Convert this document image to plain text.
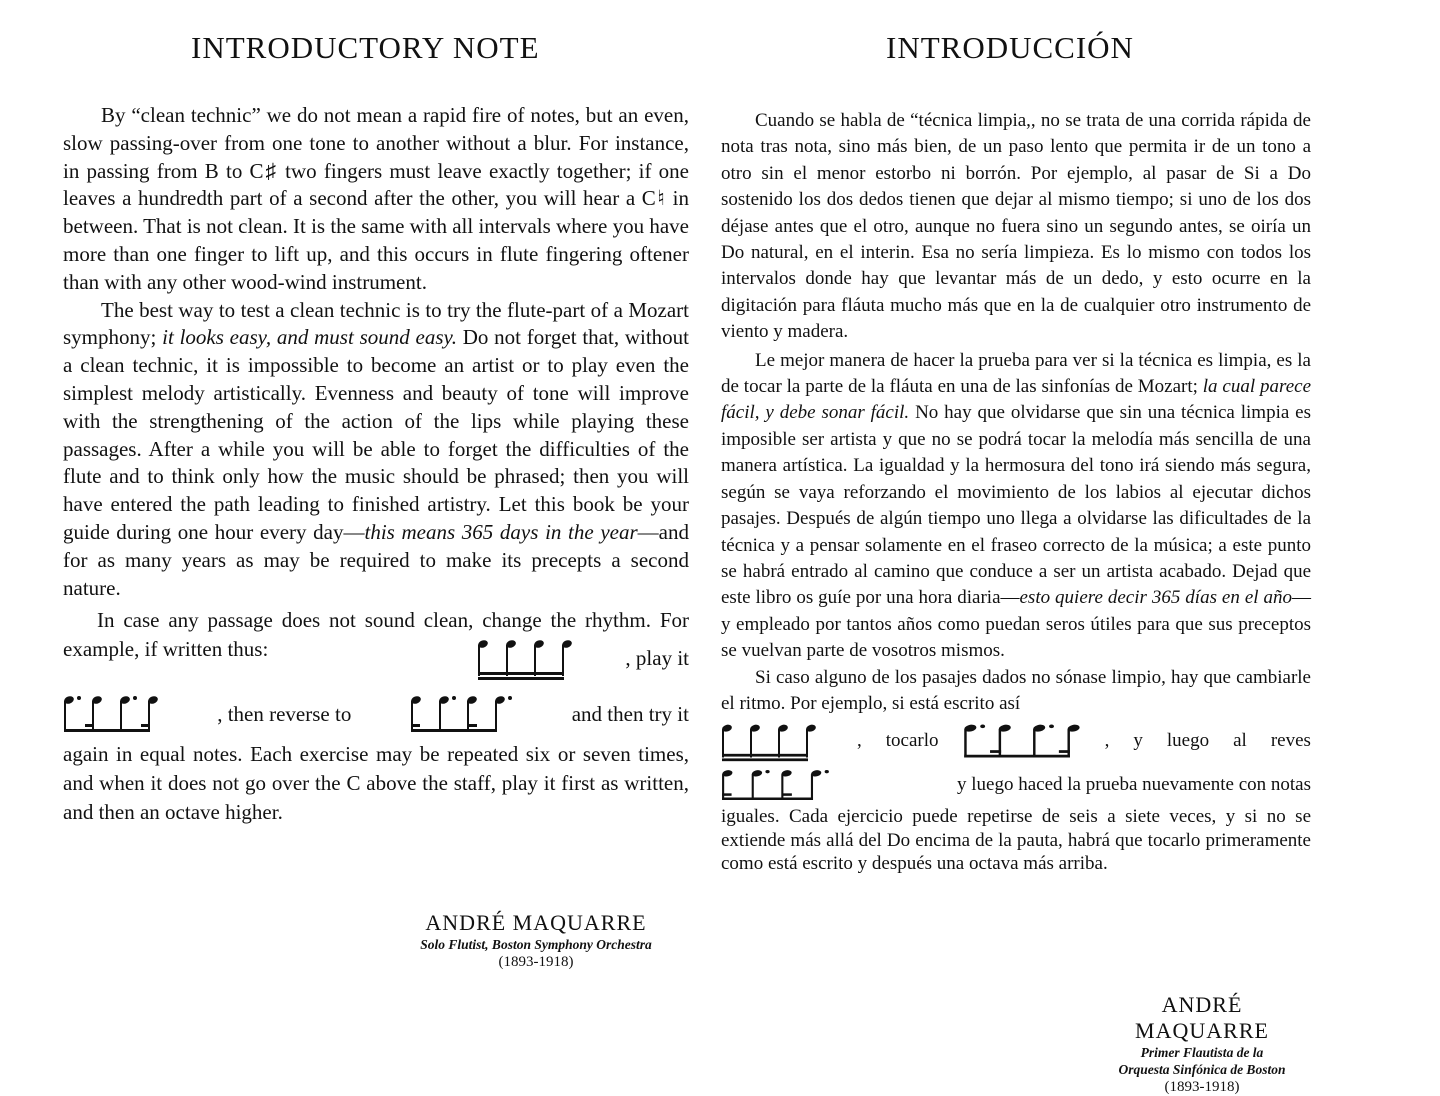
INTRODUCTORY NOTE

By “clean technic” we do not mean a rapid fire of notes, but an even, slow passing-over from one tone to another without a blur. For instance, in passing from B to C♯ two fingers must leave exactly together; if one leaves a hundredth part of a second after the other, you will hear a C♮ in between. That is not clean. It is the same with all intervals where you have more than one finger to lift up, and this occurs in flute fingering oftener than with any other wood-wind instrument.

The best way to test a clean technic is to try the flute-part of a Mozart symphony; it looks easy, and must sound easy. Do not forget that, without a clean technic, it is impossible to become an artist or to play even the simplest melody artistically. Evenness and beauty of tone will improve with the strengthening of the action of the lips while playing these passages. After a while you will be able to forget the difficulties of the flute and to think only how the music should be phrased; then you will have entered the path leading to finished artistry. Let this book be your guide during one hour every day—this means 365 days in the year—and for as many years as may be required to make its precepts a second nature.

In case any passage does not sound clean, change the rhythm. For example, if written thus:	, play it
, then reverse to	and then try it

again in equal notes. Each exercise may be repeated six or seven times, and when it does not go over the C above the staff, play it first as written, and then an octave higher.

ANDRÉ MAQUARRE
Solo Flutist, Boston Symphony Orchestra
(1893-1918)
INTRODUCCIÓN

Cuando se habla de “técnica limpia,, no se trata de una corrida rápida de nota tras nota, sino más bien, de un paso lento que permita ir de un tono a otro sin el menor estorbo ni borrón. Por ejemplo, al pasar de Si a Do sostenido los dos dedos tienen que dejar al mismo tiempo; si uno de los dos déjase antes que el otro, aunque no fuera sino un segundo antes, se oiría un Do natural, en el interin. Esa no sería limpieza. Es lo mismo con todos los intervalos donde hay que levantar más de un dedo, y esto ocurre en la digitación para fláuta mucho más que en la de cualquier otro instrumento de viento y madera.

Le mejor manera de hacer la prueba para ver si la técnica es limpia, es la de tocar la parte de la fláuta en una de las sinfonías de Mozart; la cual parece fácil, y debe sonar fácil. No hay que olvidarse que sin una técnica limpia es imposible ser artista y que no se podrá tocar la melodía más sencilla de una manera artística. La igualdad y la hermosura del tono irá siendo más segura, según se vaya reforzando el movimiento de los labios al ejecutar dichos pasajes. Después de algún tiempo uno llega a olvidarse las dificultades de la técnica y a pensar solamente en el fraseo correcto de la música; a este punto se habrá entrado al camino que conduce a ser un artista acabado. Dejad que este libro os guíe por una hora diaria—esto quiere decir 365 días en el año—y empleado por tantos años como puedan seros útiles para que sus preceptos se vuelvan parte de vosotros mismos.

Si caso alguno de los pasajes dados no sónase limpio, hay que cambiarle el ritmo. Por ejemplo, si está escrito así

, tocarlo	, y luego al reves
y luego haced la prueba nuevamente con notas

iguales. Cada ejercicio puede repetirse de seis a siete veces, y si no se extiende más allá del Do encima de la pauta, habrá que tocarlo primeramente como está escrito y después una octava más arriba.

ANDRÉ MAQUARRE
Primer Flautista de la
Orquesta Sinfónica de Boston
(1893-1918)
